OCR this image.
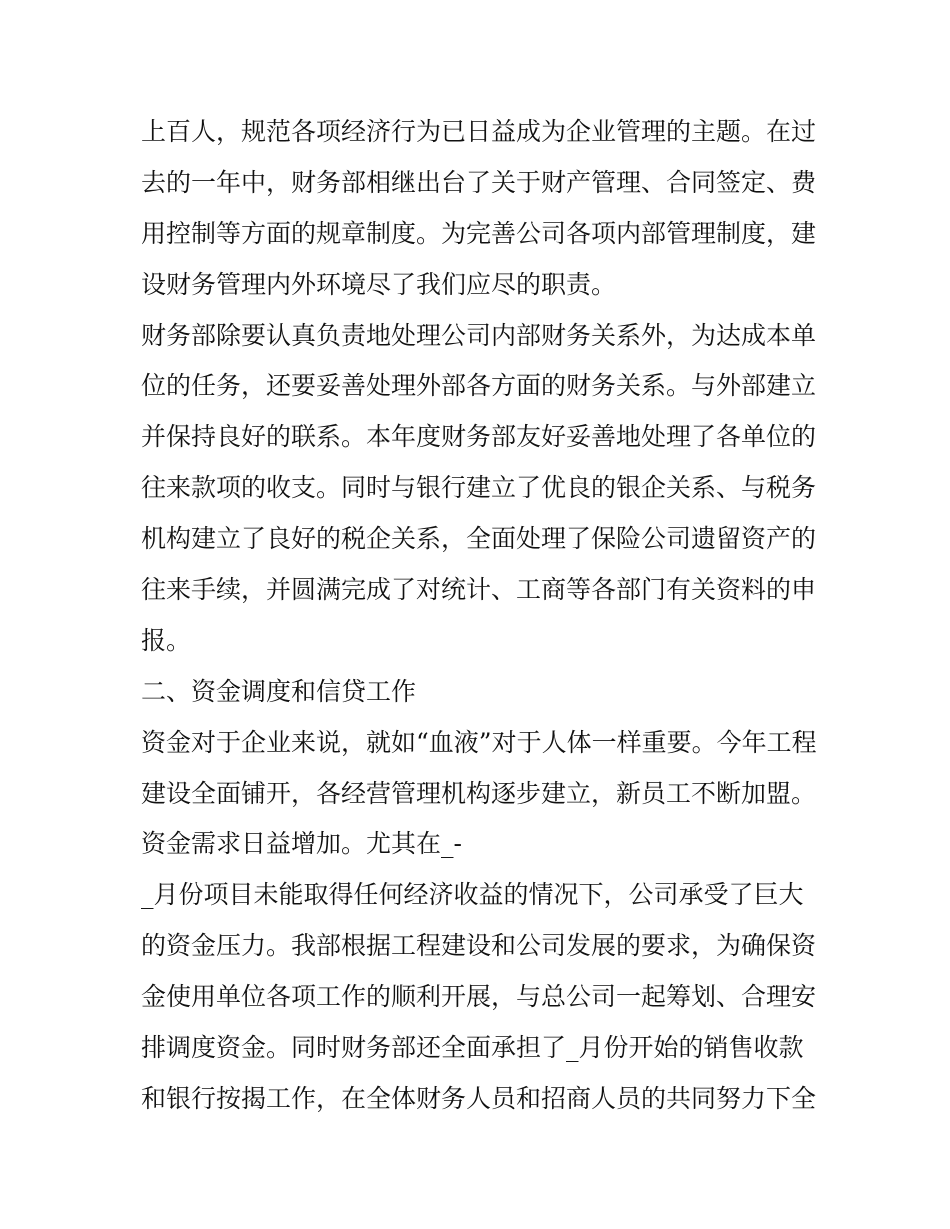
上百人，规范各项经济行为已日益成为企业管理的主题。在过
去的一年中，财务部相继出台了关于财产管理、合同签定、费
用控制等方面的规章制度。为完善公司各项内部管理制度，建
设财务管理内外环境尽了我们应尽的职责。
财务部除要认真负责地处理公司内部财务关系外，为达成本单
位的任务，还要妥善处理外部各方面的财务关系。与外部建立
并保持良好的联系。本年度财务部友好妥善地处理了各单位的
往来款项的收支。同时与银行建立了优良的银企关系、与税务
机构建立了良好的税企关系，全面处理了保险公司遗留资产的
往来手续，并圆满完成了对统计、工商等各部门有关资料的申
报。
二、资金调度和信贷工作
资金对于企业来说，就如“血液”对于人体一样重要。今年工程
建设全面铺开，各经营管理机构逐步建立，新员工不断加盟。
资金需求日益增加。尤其在_-
_月份项目未能取得任何经济收益的情况下，公司承受了巨大
的资金压力。我部根据工程建设和公司发展的要求，为确保资
金使用单位各项工作的顺利开展，与总公司一起筹划、合理安
排调度资金。同时财务部还全面承担了_月份开始的销售收款
和银行按揭工作，在全体财务人员和招商人员的共同努力下全
